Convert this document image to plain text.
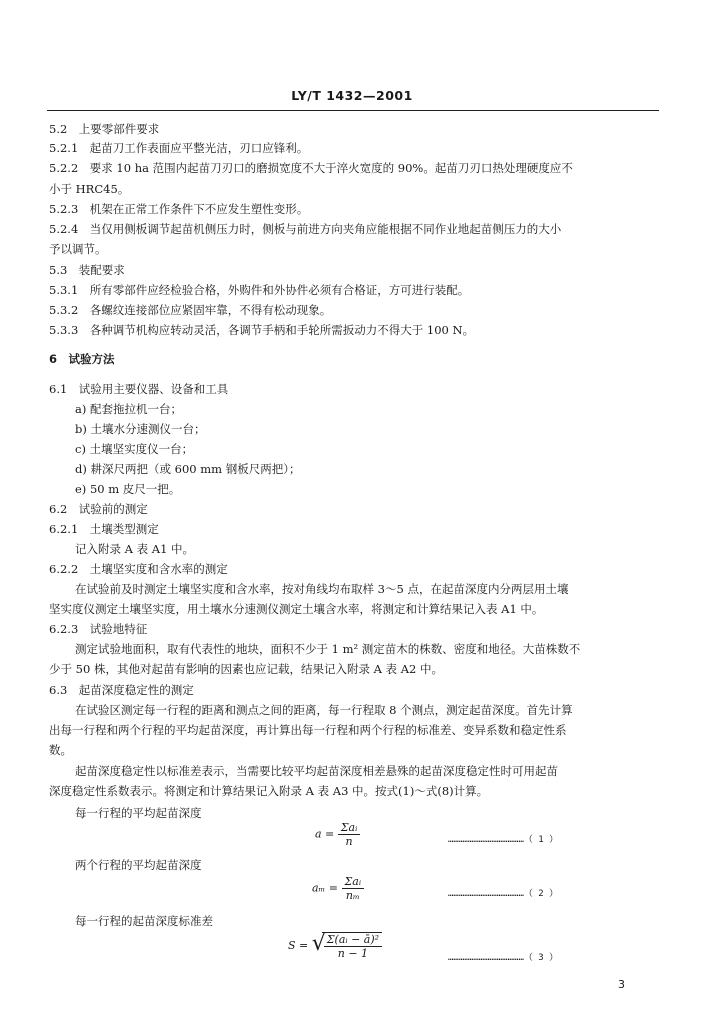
LY/T 1432—2001
5.2　上要零部件要求
5.2.1　起苗刀工作表面应平整光洁，刃口应锋利。
5.2.2　要求 10 ha 范围内起苗刀刃口的磨损宽度不大于淬火宽度的 90%。起苗刀刃口热处理硬度应不
小于 HRC45。
5.2.3　机架在正常工作条件下不应发生塑性变形。
5.2.4　当仅用侧板调节起苗机侧压力时，侧板与前进方向夹角应能根据不同作业地起苗侧压力的大小
予以调节。
5.3　装配要求
5.3.1　所有零部件应经检验合格，外购件和外协件必须有合格证，方可进行装配。
5.3.2　各螺纹连接部位应紧固牢靠，不得有松动现象。
5.3.3　各种调节机构应转动灵活，各调节手柄和手轮所需扳动力不得大于 100 N。
6　试验方法
6.1　试验用主要仪器、设备和工具
a) 配套拖拉机一台；
b) 土壤水分速测仪一台；
c) 土壤坚实度仪一台；
d) 耕深尺两把（或 600 mm 钢板尺两把）；
e) 50 m 皮尺一把。
6.2　试验前的测定
6.2.1　土壤类型测定
记入附录 A 表 A1 中。
6.2.2　土壤坚实度和含水率的测定
在试验前及时测定土壤坚实度和含水率，按对角线均布取样 3～5 点，在起苗深度内分两层用土壤
坚实度仪测定土壤坚实度，用土壤水分速测仪测定土壤含水率，将测定和计算结果记入表 A1 中。
6.2.3　试验地特征
测定试验地面积，取有代表性的地块，面积不少于 1 m² 测定苗木的株数、密度和地径。大苗株数不
少于 50 株，其他对起苗有影响的因素也应记载，结果记入附录 A 表 A2 中。
6.3　起苗深度稳定性的测定
在试验区测定每一行程的距离和测点之间的距离，每一行程取 8 个测点，测定起苗深度。首先计算
出每一行程和两个行程的平均起苗深度，再计算出每一行程和两个行程的标准差、变异系数和稳定性系
数。
起苗深度稳定性以标准差表示，当需要比较平均起苗深度相差悬殊的起苗深度稳定性时可用起苗
深度稳定性系数表示。将测定和计算结果记入附录 A 表 A3 中。按式(1)～式(8)计算。
每一行程的平均起苗深度
$a = \frac{\text{Σaᵢ}}{n}$	……………………………………（ 1 ）
两个行程的平均起苗深度
$a_m = \frac{\text{Σaᵢ}}{\text{nₘ}}$	……………………………………（ 2 ）
每一行程的起苗深度标准差
S = √
$\frac{\text{Σ(aᵢ − ā)²}}{n - 1}$	……………………………………（ 3 ）
3
